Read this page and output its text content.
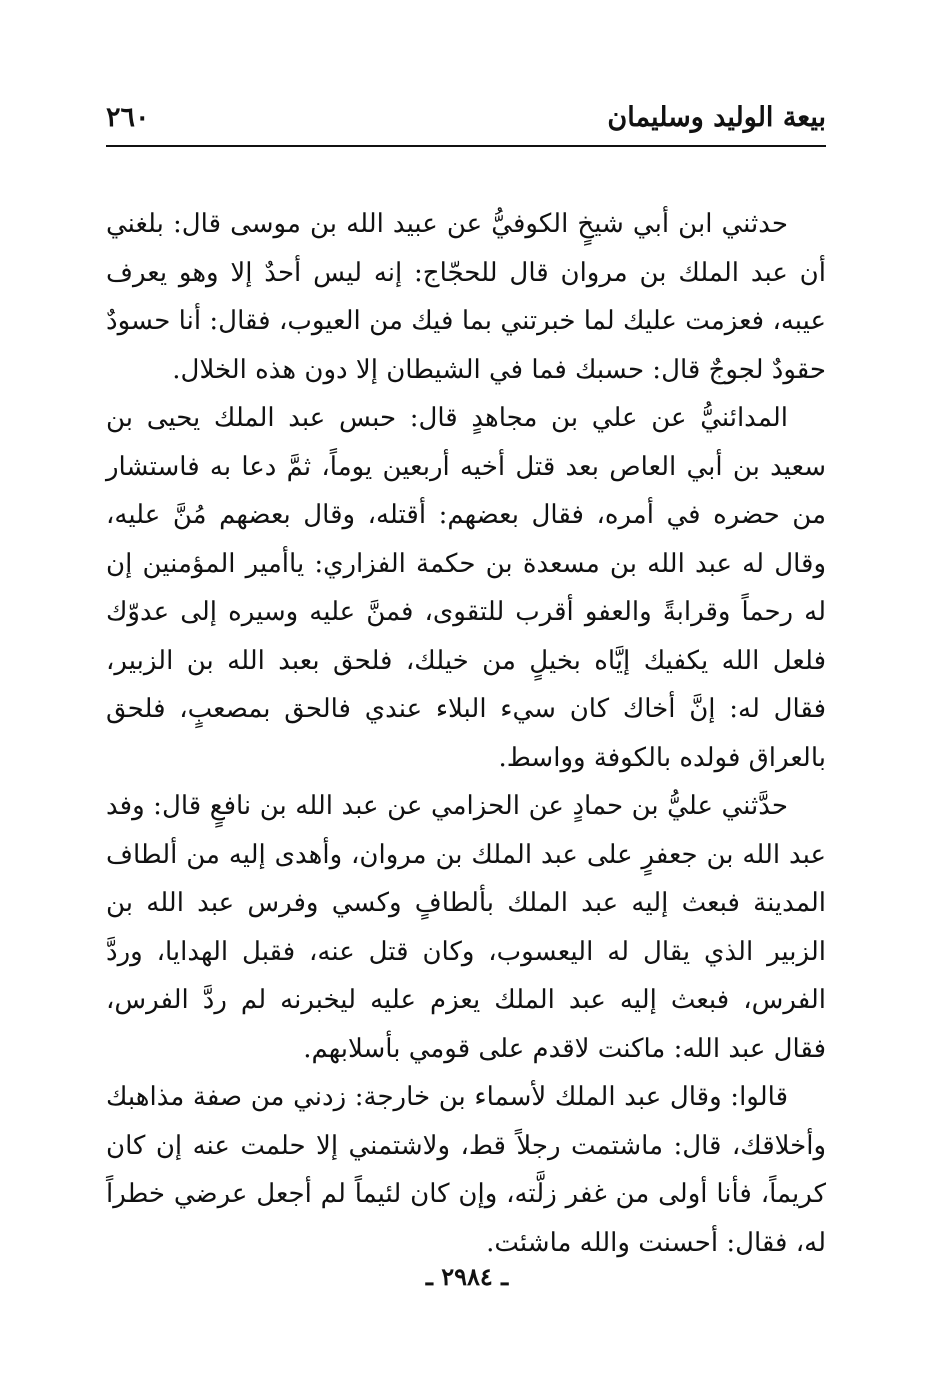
بيعة الوليد وسليمان
٢٦٠

حدثني ابن أبي شيخٍ الكوفيُّ عن عبيد الله بن موسى قال: بلغني أن عبد الملك بن مروان قال للحجّاج: إنه ليس أحدٌ إلا وهو يعرف عيبه، فعزمت عليك لما خبرتني بما فيك من العيوب، فقال: أنا حسودٌ حقودٌ لجوجٌ قال: حسبك فما في الشيطان إلا دون هذه الخلال.

المدائنيُّ عن علي بن مجاهدٍ قال: حبس عبد الملك يحيى بن سعيد بن أبي العاص بعد قتل أخيه أربعين يوماً، ثمَّ دعا به فاستشار من حضره في أمره، فقال بعضهم: أقتله، وقال بعضهم مُنَّ عليه، وقال له عبد الله بن مسعدة بن حكمة الفزاري: ياأمير المؤمنين إن له رحماً وقرابةً والعفو أقرب للتقوى، فمنَّ عليه وسيره إلى عدوّك فلعل الله يكفيك إيَّاه بخيلٍ من خيلك، فلحق بعبد الله بن الزبير، فقال له: إنَّ أخاك كان سيء البلاء عندي فالحق بمصعبٍ، فلحق بالعراق فولده بالكوفة وواسط.

حدَّثني عليُّ بن حمادٍ عن الحزامي عن عبد الله بن نافعٍ قال: وفد عبد الله بن جعفرٍ على عبد الملك بن مروان، وأهدى إليه من ألطاف المدينة فبعث إليه عبد الملك بألطافٍ وكسي وفرس عبد الله بن الزبير الذي يقال له اليعسوب، وكان قتل عنه، فقبل الهدايا، وردَّ الفرس، فبعث إليه عبد الملك يعزم عليه ليخبرنه لم ردَّ الفرس، فقال عبد الله: ماكنت لاقدم على قومي بأسلابهم.

قالوا: وقال عبد الملك لأسماء بن خارجة: زدني من صفة مذاهبك وأخلاقك، قال: ماشتمت رجلاً قط، ولاشتمني إلا حلمت عنه إن كان كريماً، فأنا أولى من غفر زلَّته، وإن كان لئيماً لم أجعل عرضي خطراً له، فقال: أحسنت والله ماشئت.

ـ ٢٩٨٤ ـ
